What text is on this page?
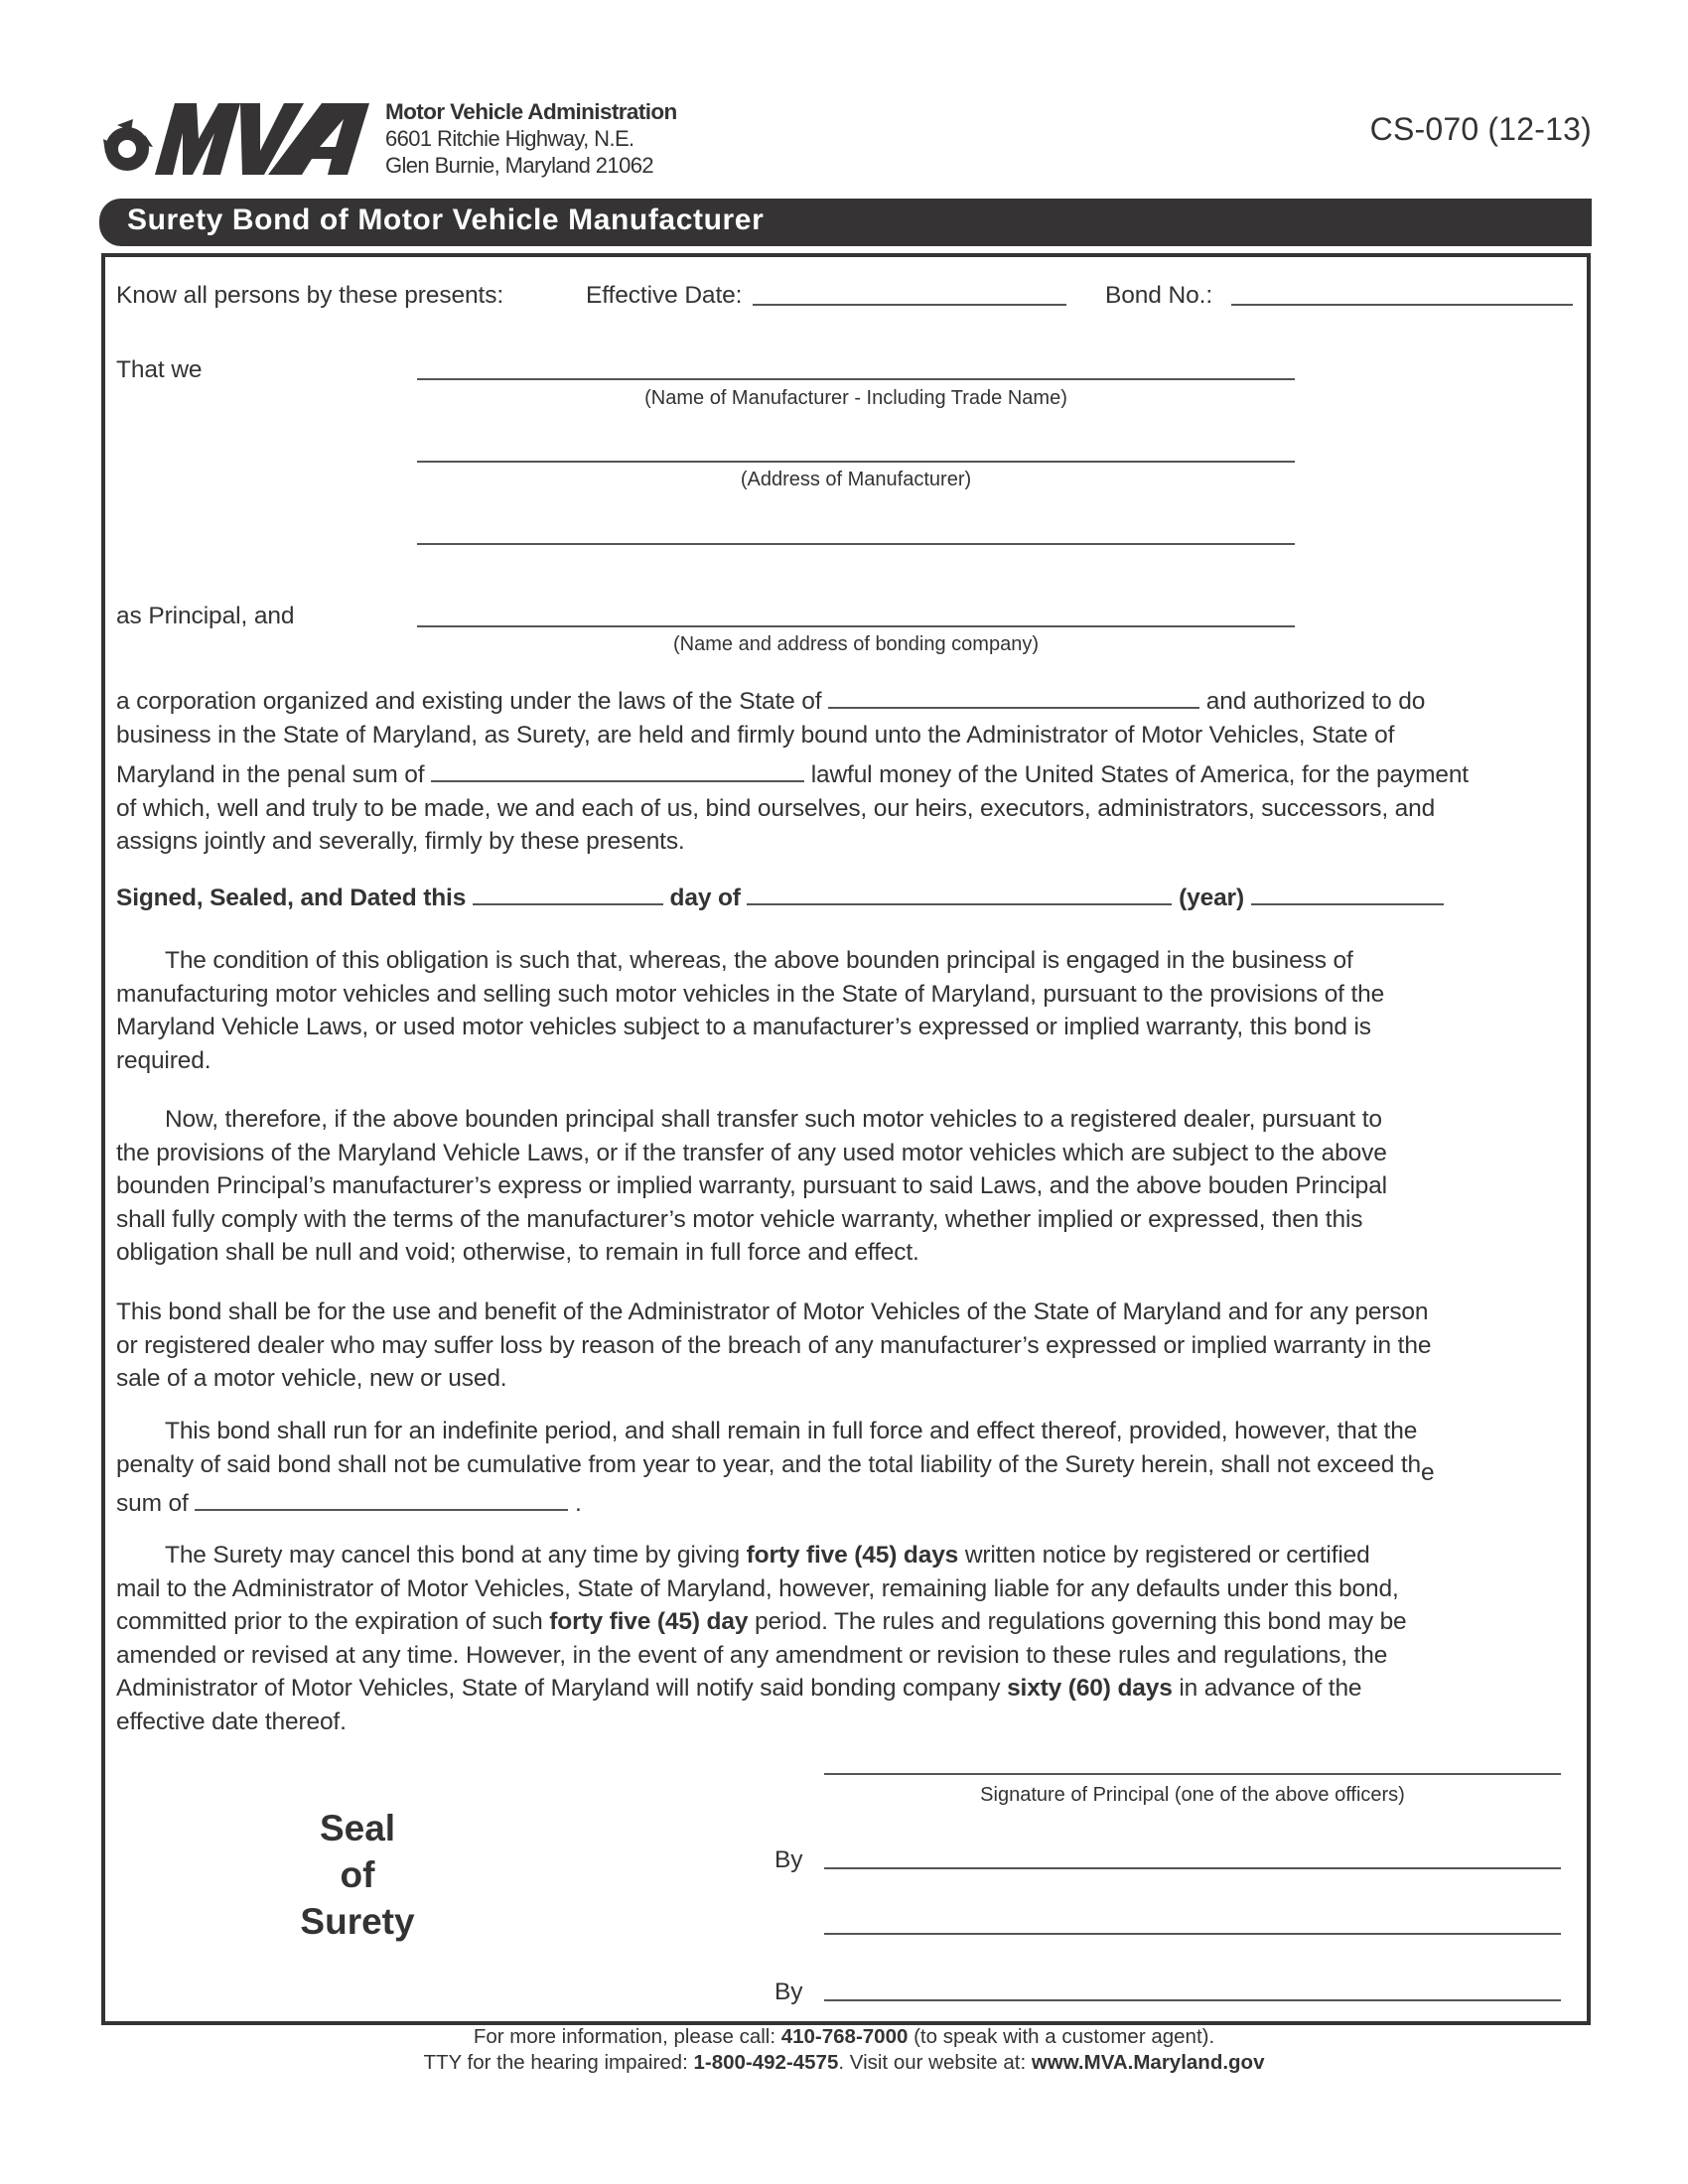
Motor Vehicle Administration
6601 Ritchie Highway, N.E.
Glen Burnie, Maryland 21062
CS-070 (12-13)
Surety Bond of Motor Vehicle Manufacturer
Know all persons by these presents:	Effective Date:	Bond No.:
That we
(Name of Manufacturer - Including Trade Name)
(Address of Manufacturer)
as Principal, and
(Name and address of bonding company)
a corporation organized and existing under the laws of the State of	and authorized to do
business in the State of Maryland, as Surety, are held and firmly bound unto the Administrator of Motor Vehicles, State of
Maryland in the penal sum of	lawful money of the United States of America, for the payment
of which, well and truly to be made, we and each of us, bind ourselves, our heirs, executors, administrators, successors, and
assigns jointly and severally, firmly by these presents.
Signed, Sealed, and Dated this	day of	(year)
The condition of this obligation is such that, whereas, the above bounden principal is engaged in the business of
manufacturing motor vehicles and selling such motor vehicles in the State of Maryland, pursuant to the provisions of the
Maryland Vehicle Laws, or used motor vehicles subject to a manufacturer’s expressed or implied warranty, this bond is
required.
Now, therefore, if the above bounden principal shall transfer such motor vehicles to a registered dealer, pursuant to
the provisions of the Maryland Vehicle Laws, or if the transfer of any used motor vehicles which are subject to the above
bounden Principal’s manufacturer’s express or implied warranty, pursuant to said Laws, and the above bouden Principal
shall fully comply with the terms of the manufacturer’s motor vehicle warranty, whether implied or expressed, then this
obligation shall be null and void; otherwise, to remain in full force and effect.
This bond shall be for the use and benefit of the Administrator of Motor Vehicles of the State of Maryland and for any person
or registered dealer who may suffer loss by reason of the breach of any manufacturer’s expressed or implied warranty in the
sale of a motor vehicle, new or used.
This bond shall run for an indefinite period, and shall remain in full force and effect thereof, provided, however, that the
penalty of said bond shall not be cumulative from year to year, and the total liability of the Surety herein, shall not exceed the
sum of	.
The Surety may cancel this bond at any time by giving forty five (45) days written notice by registered or certified
mail to the Administrator of Motor Vehicles, State of Maryland, however, remaining liable for any defaults under this bond,
committed prior to the expiration of such forty five (45) day period. The rules and regulations governing this bond may be
amended or revised at any time. However, in the event of any amendment or revision to these rules and regulations, the
Administrator of Motor Vehicles, State of Maryland will notify said bonding company sixty (60) days in advance of the
effective date thereof.
Signature of Principal (one of the above officers)
By
By
Seal
of
Surety
For more information, please call: 410-768-7000 (to speak with a customer agent).
TTY for the hearing impaired: 1-800-492-4575. Visit our website at: www.MVA.Maryland.gov
